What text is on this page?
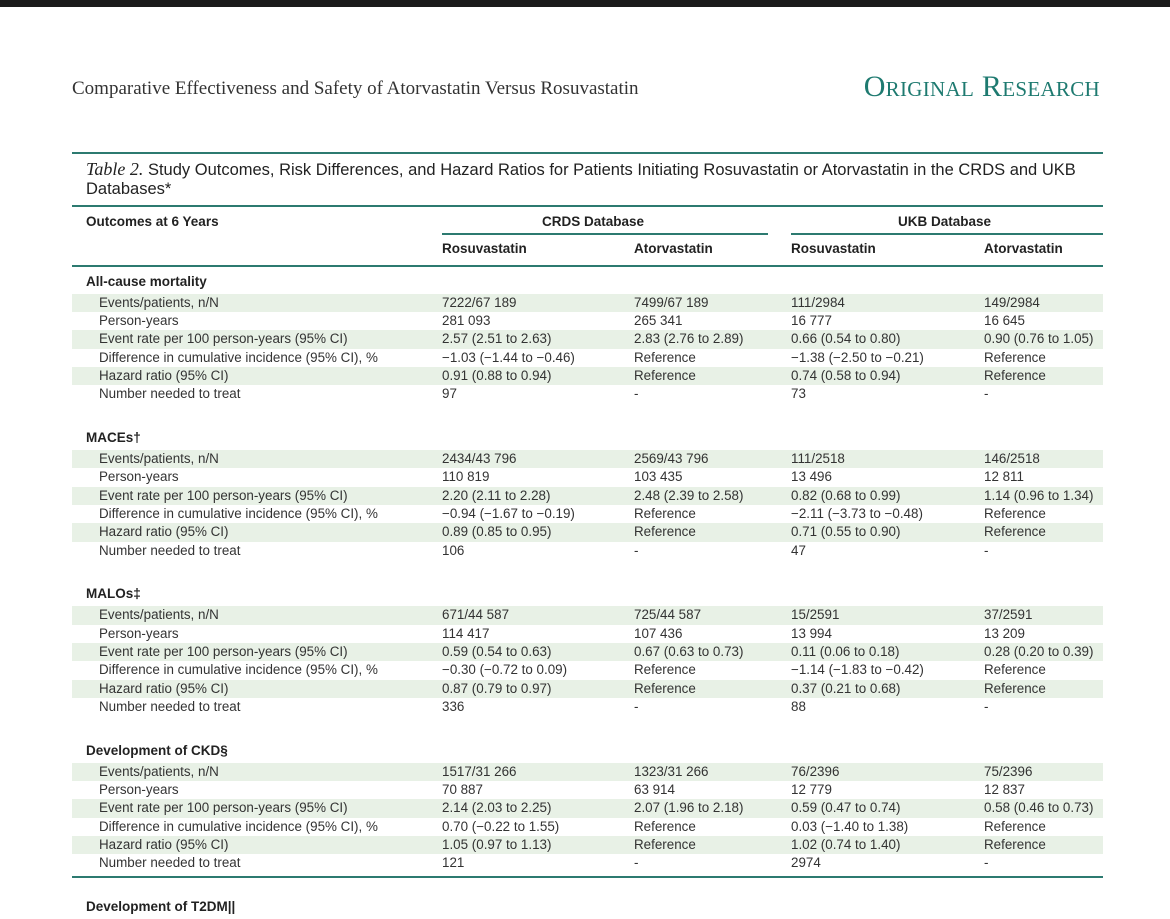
Comparative Effectiveness and Safety of Atorvastatin Versus Rosuvastatin	Original Research
Table 2. Study Outcomes, Risk Differences, and Hazard Ratios for Patients Initiating Rosuvastatin or Atorvastatin in the CRDS and UKB Databases*
Outcomes at 6 Years	CRDS Database	UKB Database
Rosuvastatin	Atorvastatin	Rosuvastatin	Atorvastatin
All-cause mortality
Events/patients, n/N	7222/67 189	7499/67 189	111/2984	149/2984
Person-years	281 093	265 341	16 777	16 645
Event rate per 100 person-years (95% CI)	2.57 (2.51 to 2.63)	2.83 (2.76 to 2.89)	0.66 (0.54 to 0.80)	0.90 (0.76 to 1.05)
Difference in cumulative incidence (95% CI), %	−1.03 (−1.44 to −0.46)	Reference	−1.38 (−2.50 to −0.21)	Reference
Hazard ratio (95% CI)	0.91 (0.88 to 0.94)	Reference	0.74 (0.58 to 0.94)	Reference
Number needed to treat	97	-	73	-
MACEs†
Events/patients, n/N	2434/43 796	2569/43 796	111/2518	146/2518
Person-years	110 819	103 435	13 496	12 811
Event rate per 100 person-years (95% CI)	2.20 (2.11 to 2.28)	2.48 (2.39 to 2.58)	0.82 (0.68 to 0.99)	1.14 (0.96 to 1.34)
Difference in cumulative incidence (95% CI), %	−0.94 (−1.67 to −0.19)	Reference	−2.11 (−3.73 to −0.48)	Reference
Hazard ratio (95% CI)	0.89 (0.85 to 0.95)	Reference	0.71 (0.55 to 0.90)	Reference
Number needed to treat	106	-	47	-
MALOs‡
Events/patients, n/N	671/44 587	725/44 587	15/2591	37/2591
Person-years	114 417	107 436	13 994	13 209
Event rate per 100 person-years (95% CI)	0.59 (0.54 to 0.63)	0.67 (0.63 to 0.73)	0.11 (0.06 to 0.18)	0.28 (0.20 to 0.39)
Difference in cumulative incidence (95% CI), %	−0.30 (−0.72 to 0.09)	Reference	−1.14 (−1.83 to −0.42)	Reference
Hazard ratio (95% CI)	0.87 (0.79 to 0.97)	Reference	0.37 (0.21 to 0.68)	Reference
Number needed to treat	336	-	88	-
Development of CKD§
Events/patients, n/N	1517/31 266	1323/31 266	76/2396	75/2396
Person-years	70 887	63 914	12 779	12 837
Event rate per 100 person-years (95% CI)	2.14 (2.03 to 2.25)	2.07 (1.96 to 2.18)	0.59 (0.47 to 0.74)	0.58 (0.46 to 0.73)
Difference in cumulative incidence (95% CI), %	0.70 (−0.22 to 1.55)	Reference	0.03 (−1.40 to 1.38)	Reference
Hazard ratio (95% CI)	1.05 (0.97 to 1.13)	Reference	1.02 (0.74 to 1.40)	Reference
Number needed to treat	121	-	2974	-
Development of T2DM||
